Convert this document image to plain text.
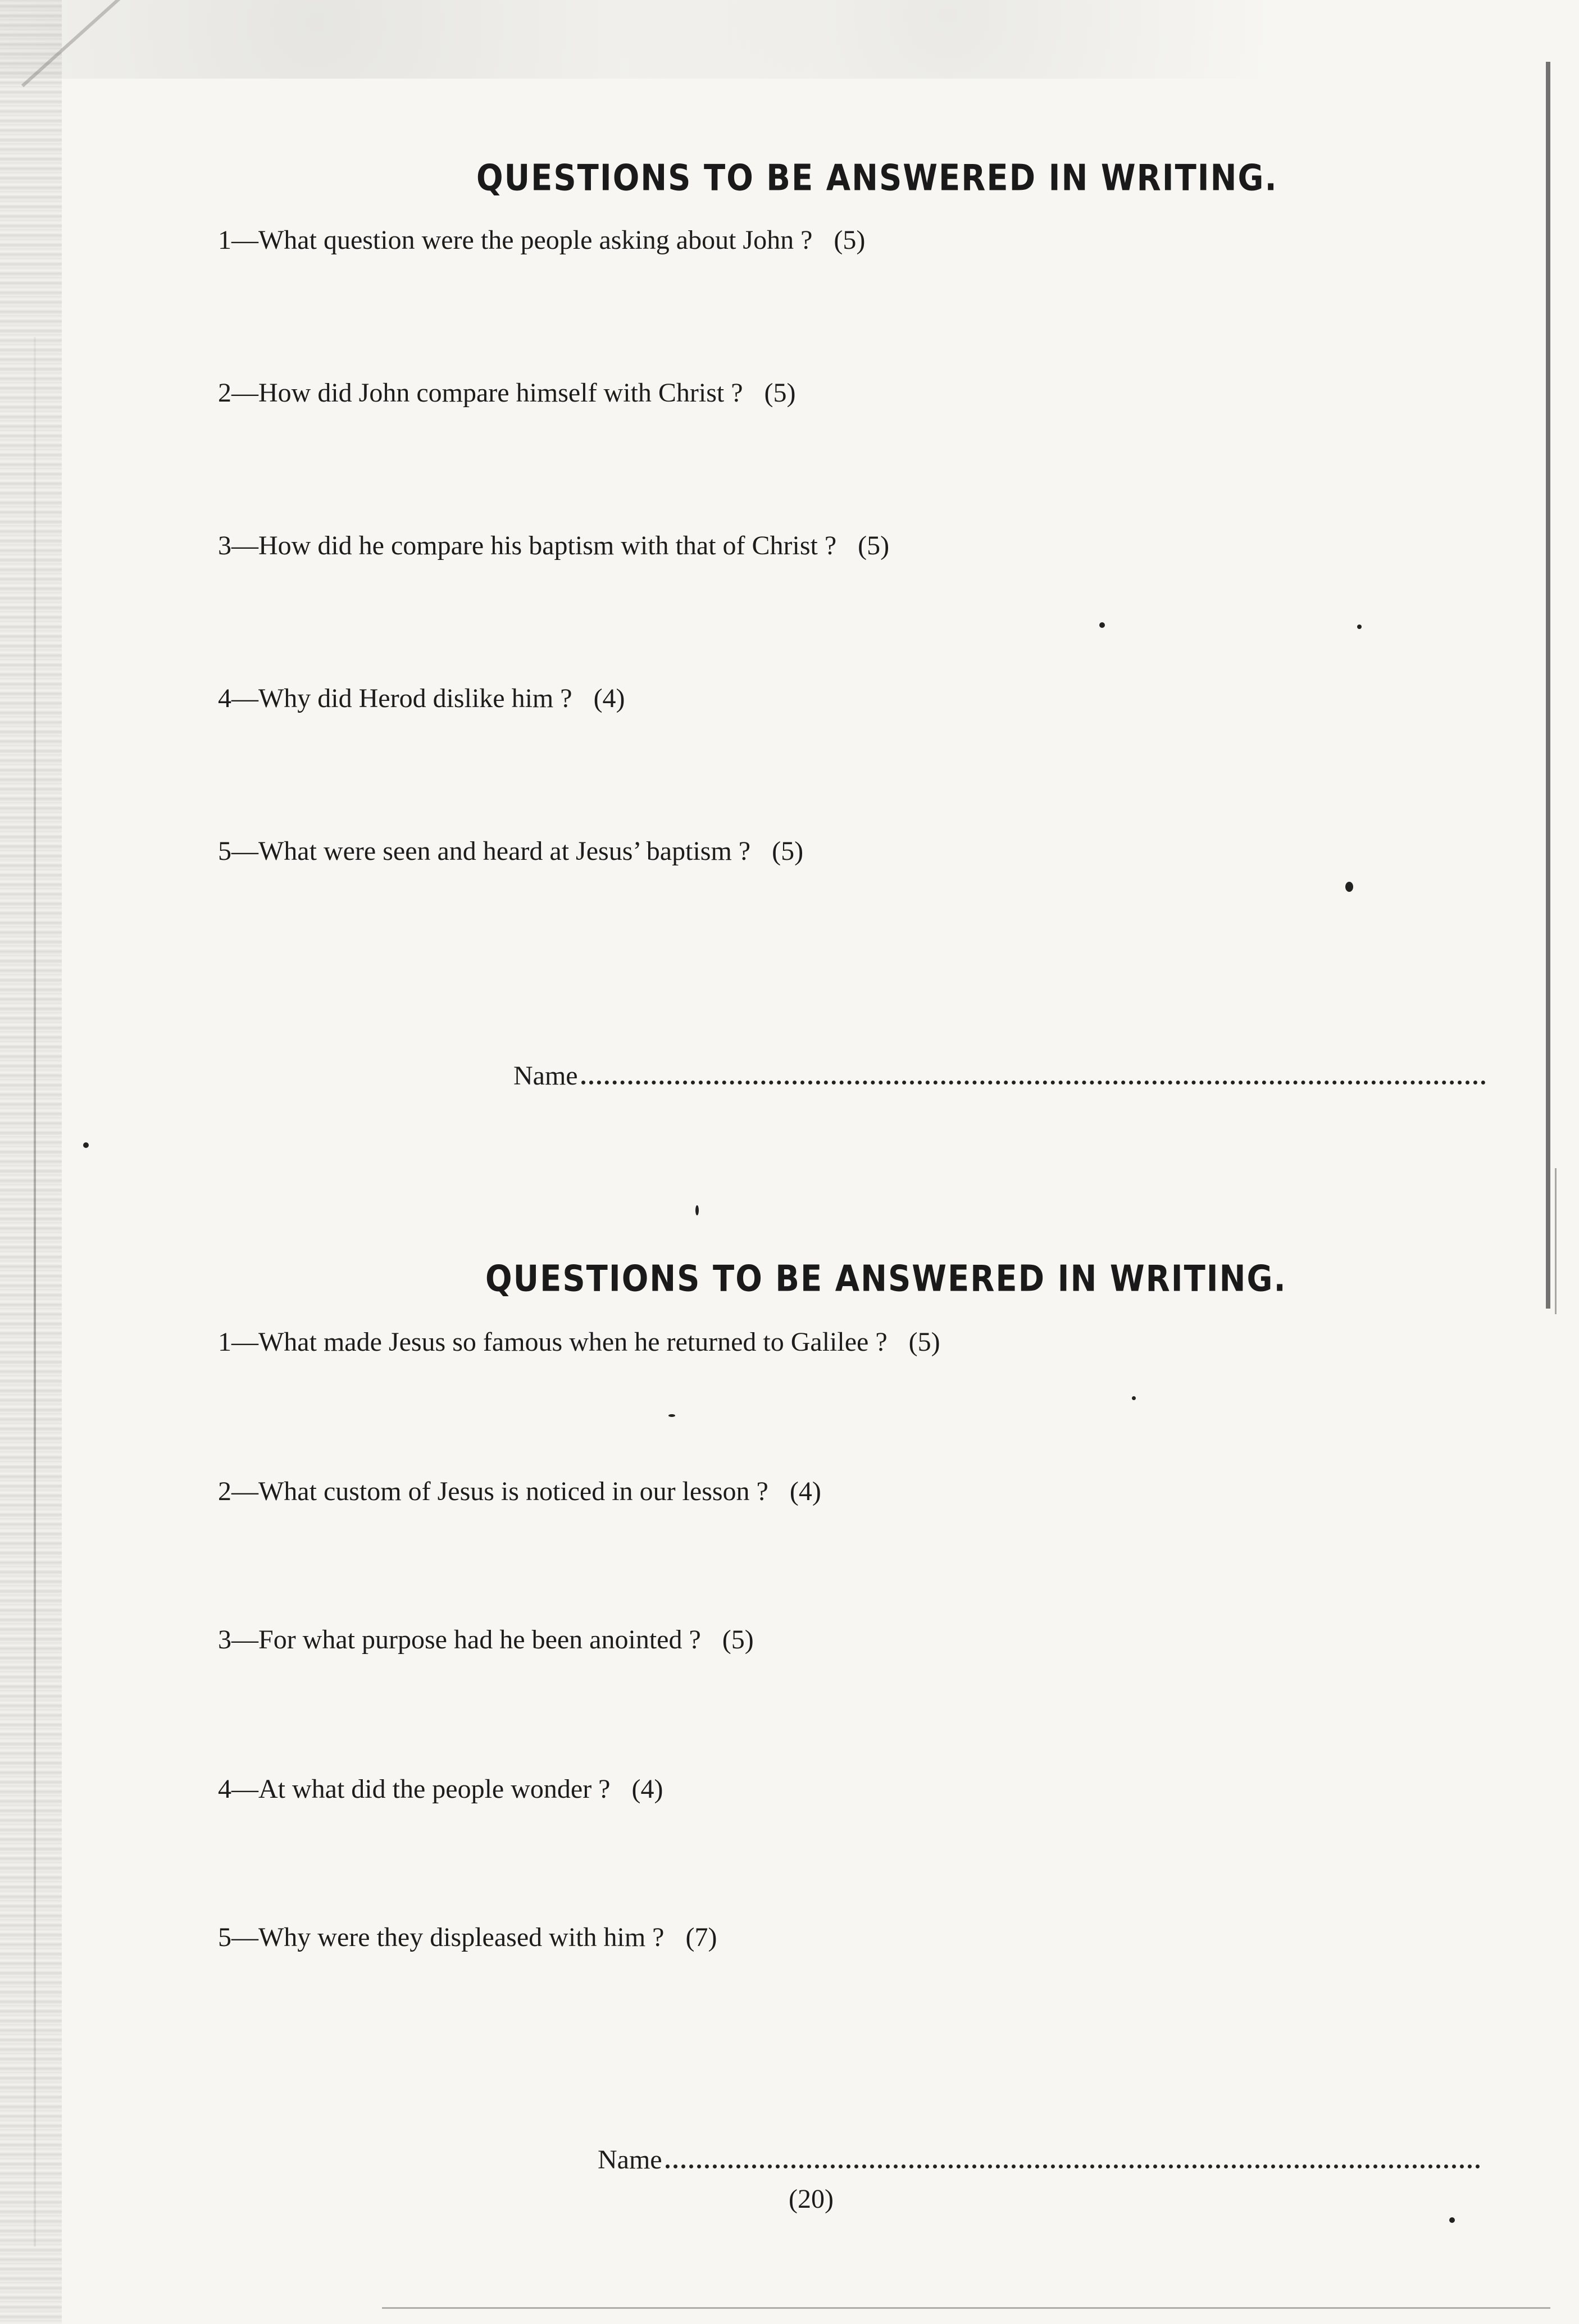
QUESTIONS TO BE ANSWERED IN WRITING.
1—What question were the people asking about John ? (5)
2—How did John compare himself with Christ ? (5)
3—How did he compare his baptism with that of Christ ? (5)
4—Why did Herod dislike him ? (4)
5—What were seen and heard at Jesus’ baptism ? (5)
Name
QUESTIONS TO BE ANSWERED IN WRITING.
1—What made Jesus so famous when he returned to Galilee ? (5)
2—What custom of Jesus is noticed in our lesson ? (4)
3—For what purpose had he been anointed ? (5)
4—At what did the people wonder ? (4)
5—Why were they displeased with him ? (7)
Name
(20)
